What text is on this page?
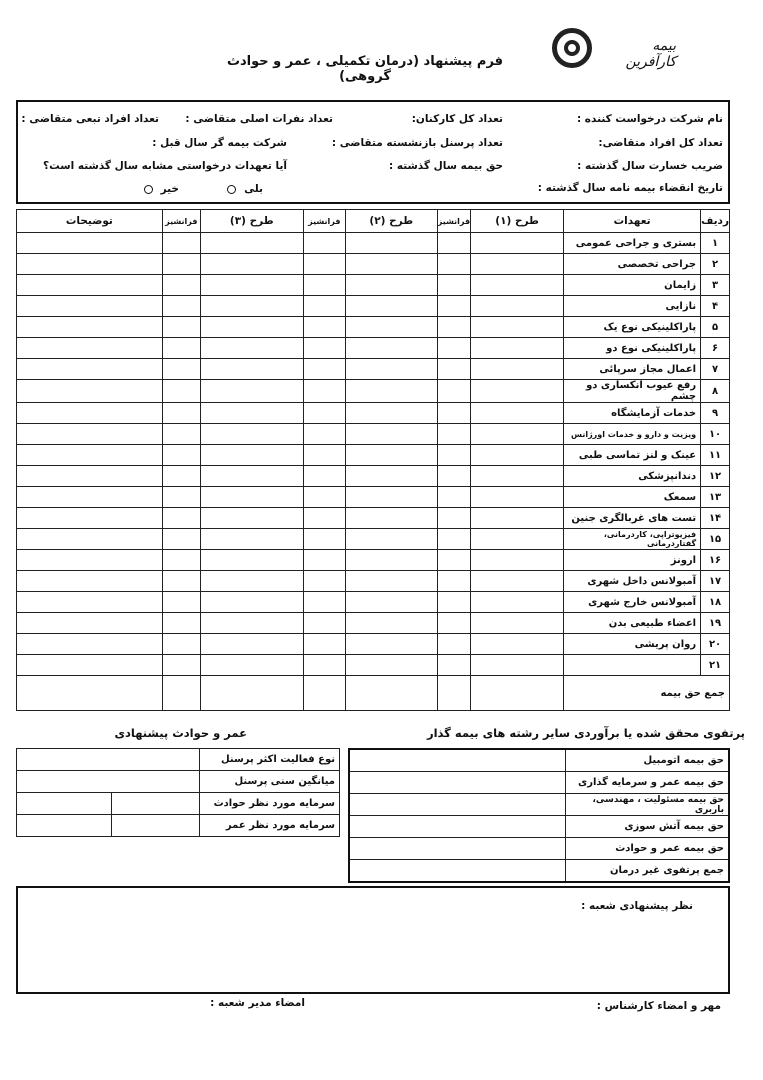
بیمه کارآفرین
فرم پیشنهاد (درمان تکمیلی ، عمر و حوادث گروهی)
نام شرکت درخواست کننده :
تعداد کل کارکنان:
تعداد نفرات اصلی متقاضی :
تعداد افراد تبعی متقاضی :
تعداد کل افراد متقاضی:
تعداد پرسنل بازنشسته متقاضی :
شرکت بیمه گر سال قبل :
ضریب خسارت سال گذشته :
حق بیمه سال گذشته :
آیا تعهدات درخواستی مشابه سال گذشته است؟
تاریخ انقضاء بیمه نامه سال گذشته :
بلی
خیر
ردیف	تعهدات	طرح (۱)	فرانشیز	طرح (۲)	فرانشیز	طرح (۳)	فرانشیز	توضیحات
۱	بستری و جراحی عمومی							
۲	جراحی تخصصی							
۳	زایمان							
۴	نازایی							
۵	پاراکلینیکی نوع یک							
۶	پاراکلینیکی نوع دو							
۷	اعمال مجاز سرپائی							
۸	رفع عیوب انکساری دو چشم							
۹	خدمات آزمایشگاه							
۱۰	ویزیت و دارو و خدمات اورژانس							
۱۱	عینک و لنز تماسی طبی							
۱۲	دندانپزشکی							
۱۳	سمعک							
۱۴	تست های غربالگری جنین							
۱۵	فیزیوتراپی، کاردرمانی، گفتاردرمانی							
۱۶	ارونز							
۱۷	آمبولانس داخل شهری							
۱۸	آمبولانس خارج شهری							
۱۹	اعضاء طبیعی بدن							
۲۰	روان پریشی							
۲۱								
جمع حق بیمه								
پرتفوی محقق شده یا برآوردی سایر رشته های بیمه گذار
عمر و حوادث پیشنهادی
حق بیمه اتومبیل	
حق بیمه عمر و سرمایه گذاری	
حق بیمه مسئولیت ، مهندسی، باربری	
حق بیمه آتش سوزی	
حق بیمه عمر و حوادث	
جمع پرتفوی غیر درمان	
نوع فعالیت اکثر پرسنل		
میانگین سنی پرسنل		
سرمایه مورد نظر حوادث		
سرمایه مورد نظر عمر		
نظر پیشنهادی شعبه :
مهر و امضاء کارشناس :
امضاء مدیر شعبه :
